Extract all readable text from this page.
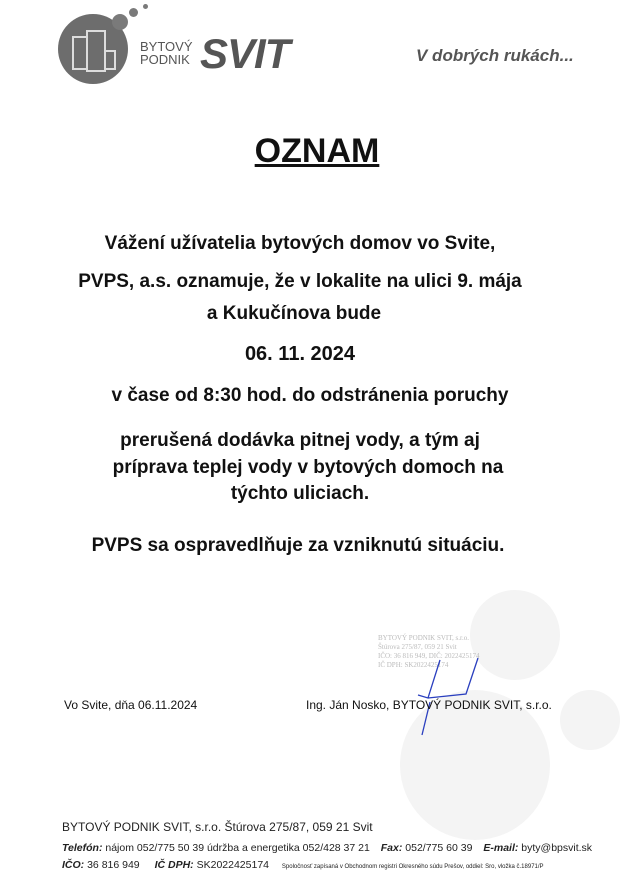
BYTOVÝ
PODNIK SVIT	V dobrých rukách...
OZNAM
Vážení užívatelia bytových domov vo Svite,
PVPS, a.s. oznamuje, že v lokalite na ulici 9. mája
a Kukučínova bude
06. 11. 2024
v čase od 8:30 hod. do odstránenia poruchy
prerušená dodávka pitnej vody, a tým aj
príprava teplej vody v bytových domoch na
týchto uliciach.
PVPS sa ospravedlňuje za vzniknutú situáciu.
BYTOVÝ PODNIK SVIT, s.r.o.
Štúrova 275/87, 059 21 Svit
IČO: 36 816 949, DIČ: 2022425174
IČ DPH: SK2022425174
Vo Svite, dňa 06.11.2024	Ing. Ján Nosko, BYTOVÝ PODNIK SVIT, s.r.o.
BYTOVÝ PODNIK SVIT, s.r.o. Štúrova 275/87, 059 21 Svit
Telefón: nájom 052/775 50 39 údržba a energetika 052/428 37 21 Fax: 052/775 60 39 E-mail: byty@bpsvit.sk
IČO: 36 816 949 IČ DPH: SK2022425174 Spoločnosť zapísaná v Obchodnom registri Okresného súdu Prešov, oddiel: Sro, vložka č.18971/P
